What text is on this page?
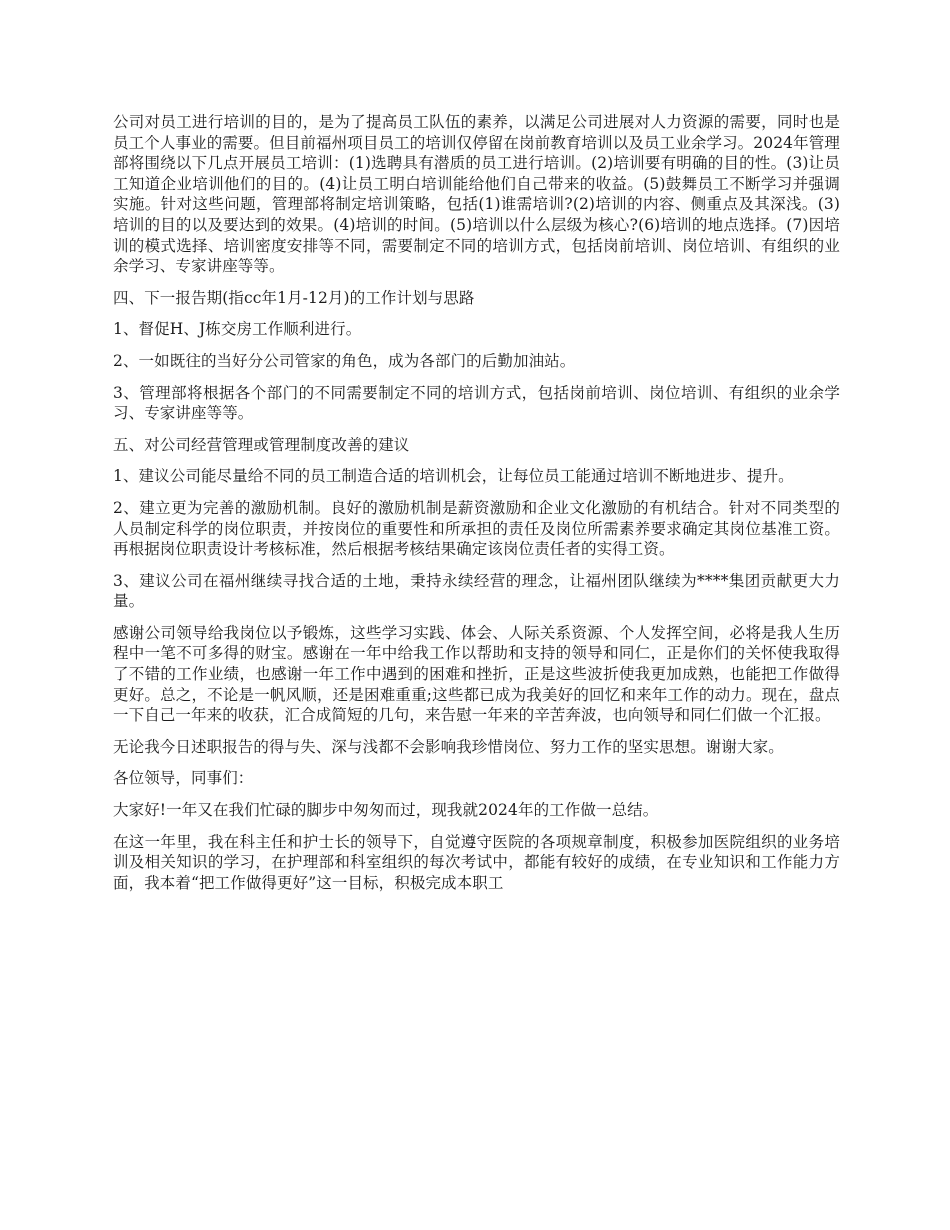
公司对员工进行培训的目的，是为了提高员工队伍的素养，以满足公司进展对人力资源的需要，同时也是员工个人事业的需要。但目前福州项目员工的培训仅停留在岗前教育培训以及员工业余学习。2024年管理部将围绕以下几点开展员工培训：(1)选聘具有潜质的员工进行培训。(2)培训要有明确的目的性。(3)让员工知道企业培训他们的目的。(4)让员工明白培训能给他们自己带来的收益。(5)鼓舞员工不断学习并强调实施。针对这些问题，管理部将制定培训策略，包括(1)谁需培训?(2)培训的内容、侧重点及其深浅。(3)培训的目的以及要达到的效果。(4)培训的时间。(5)培训以什么层级为核心?(6)培训的地点选择。(7)因培训的模式选择、培训密度安排等不同，需要制定不同的培训方式，包括岗前培训、岗位培训、有组织的业余学习、专家讲座等等。

四、下一报告期(指cc年1月-12月)的工作计划与思路

1、督促H、J栋交房工作顺利进行。

2、一如既往的当好分公司管家的角色，成为各部门的后勤加油站。

3、管理部将根据各个部门的不同需要制定不同的培训方式，包括岗前培训、岗位培训、有组织的业余学习、专家讲座等等。

五、对公司经营管理或管理制度改善的建议

1、建议公司能尽量给不同的员工制造合适的培训机会，让每位员工能通过培训不断地进步、提升。

2、建立更为完善的激励机制。良好的激励机制是薪资激励和企业文化激励的有机结合。针对不同类型的人员制定科学的岗位职责，并按岗位的重要性和所承担的责任及岗位所需素养要求确定其岗位基准工资。再根据岗位职责设计考核标准，然后根据考核结果确定该岗位责任者的实得工资。

3、建议公司在福州继续寻找合适的土地，秉持永续经营的理念，让福州团队继续为****集团贡献更大力量。

感谢公司领导给我岗位以予锻炼，这些学习实践、体会、人际关系资源、个人发挥空间，必将是我人生历程中一笔不可多得的财宝。感谢在一年中给我工作以帮助和支持的领导和同仁，正是你们的关怀使我取得了不错的工作业绩，也感谢一年工作中遇到的困难和挫折，正是这些波折使我更加成熟，也能把工作做得更好。总之，不论是一帆风顺，还是困难重重;这些都已成为我美好的回忆和来年工作的动力。现在，盘点一下自己一年来的收获，汇合成简短的几句，来告慰一年来的辛苦奔波，也向领导和同仁们做一个汇报。

无论我今日述职报告的得与失、深与浅都不会影响我珍惜岗位、努力工作的坚实思想。谢谢大家。

各位领导，同事们：

大家好!一年又在我们忙碌的脚步中匆匆而过，现我就2024年的工作做一总结。

在这一年里，我在科主任和护士长的领导下，自觉遵守医院的各项规章制度，积极参加医院组织的业务培训及相关知识的学习，在护理部和科室组织的每次考试中，都能有较好的成绩，在专业知识和工作能力方面，我本着“把工作做得更好”这一目标，积极完成本职工
